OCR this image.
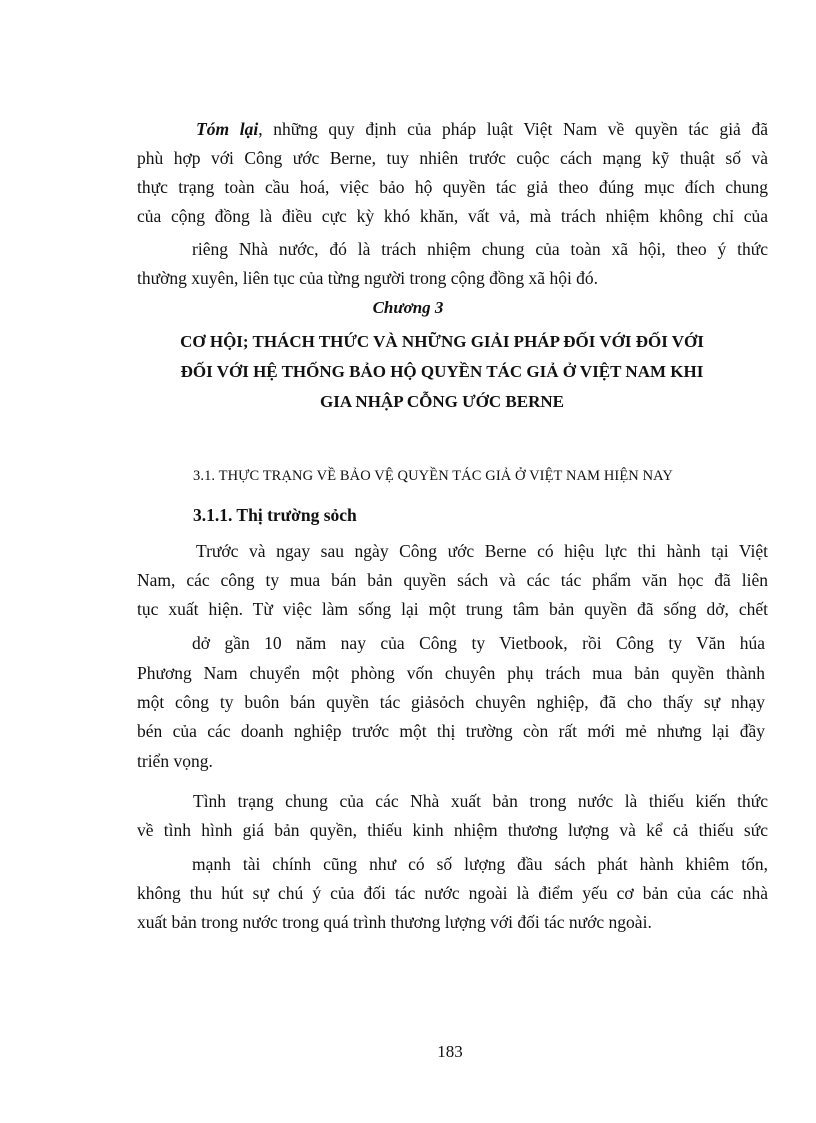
Tóm lại, những quy định của pháp luật Việt Nam về quyền tác giả đã
phù hợp với Công ước Berne, tuy nhiên trước cuộc cách mạng kỹ thuật số và
thực trạng toàn cầu hoá, việc bảo hộ quyền tác giả theo đúng mục đích chung
của cộng đồng là điều cực kỳ khó khăn, vất vả, mà trách nhiệm không chỉ của
riêng Nhà nước, đó là trách nhiệm chung của toàn xã hội, theo ý thức
thường xuyên, liên tục của từng người trong cộng đồng xã hội đó.
Chương 3
CƠ HỘI; THÁCH THỨC VÀ NHỮNG GIẢI PHÁP ĐỐI VỚI ĐỐI VỚI
ĐỐI VỚI HỆ THỐNG BẢO HỘ QUYỀN TÁC GIẢ Ở VIỆT NAM KHI
GIA NHẬP CỖNG ƯỚC BERNE
3.1. THỰC TRẠNG VỀ BẢO VỆ QUYỀN TÁC GIẢ Ở VIỆT NAM HIỆN NAY
3.1.1. Thị trường sỏch
Trước và ngay sau ngày Công ước Berne có hiệu lực thi hành tại Việt
Nam, các công ty mua bán bản quyền sách và các tác phẩm văn học đã liên
tục xuất hiện. Từ việc làm sống lại một trung tâm bản quyền đã sống dở, chết
dở gần 10 năm nay của Công ty Vietbook, rồi Công ty Văn húa
Phương Nam chuyển một phòng vốn chuyên phụ trách mua bản quyền thành
một công ty buôn bán quyền tác giảsỏch chuyên nghiệp, đã cho thấy sự nhạy
bén của các doanh nghiệp trước một thị trường còn rất mới mẻ nhưng lại đầy
triển vọng.
Tình trạng chung của các Nhà xuất bản trong nước là thiếu kiến thức
về tình hình giá bản quyền, thiếu kinh nhiệm thương lượng và kể cả thiếu sức
mạnh tài chính cũng như có số lượng đầu sách phát hành khiêm tốn,
không thu hút sự chú ý của đối tác nước ngoài là điểm yếu cơ bản của các nhà
xuất bản trong nước trong quá trình thương lượng với đối tác nước ngoài.
183
